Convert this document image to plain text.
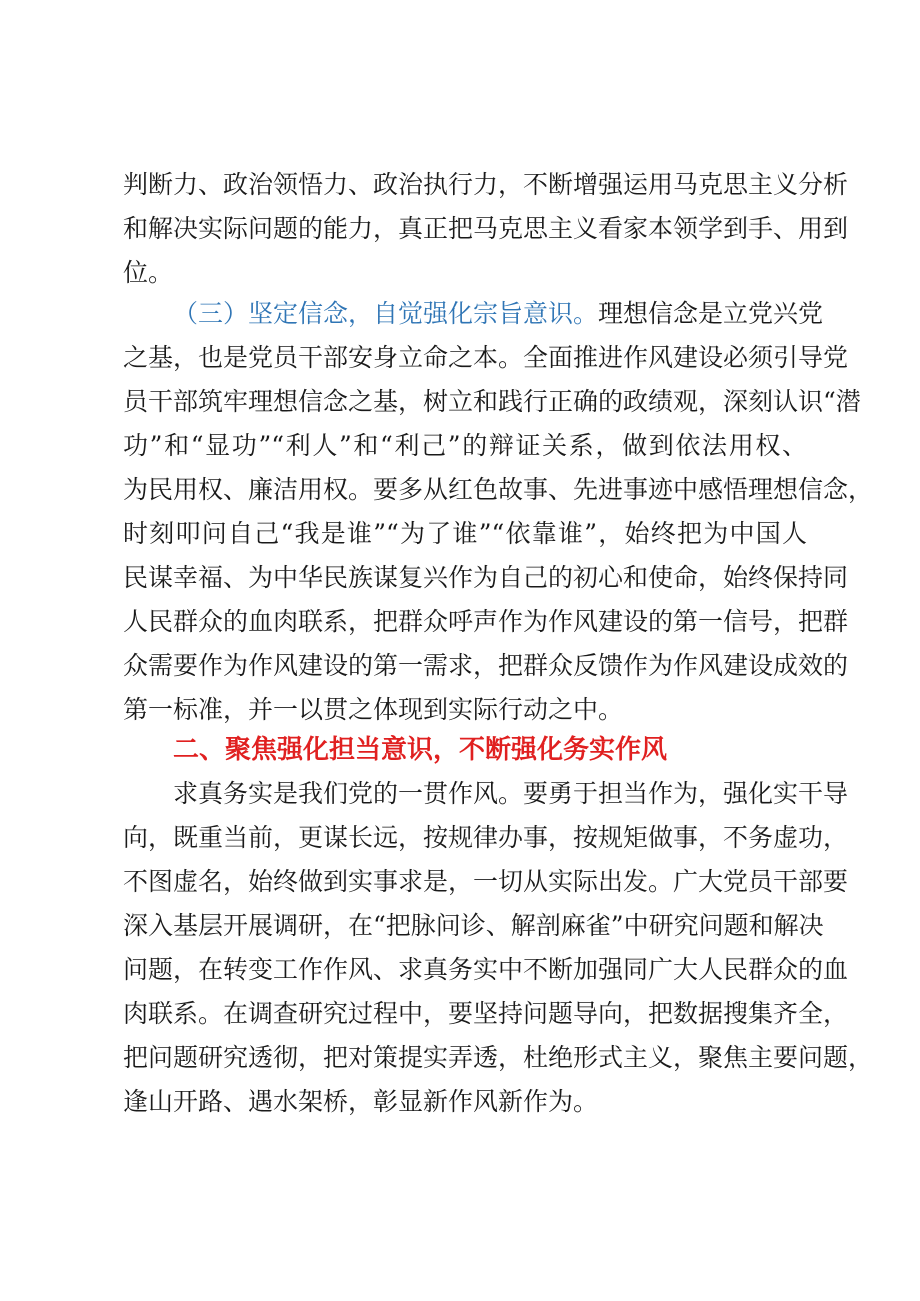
判断力、政治领悟力、政治执行力，不断增强运用马克思主义分析
和解决实际问题的能力，真正把马克思主义看家本领学到手、用到
位。
（三）坚定信念，自觉强化宗旨意识。理想信念是立党兴党
之基，也是党员干部安身立命之本。全面推进作风建设必须引导党
员干部筑牢理想信念之基，树立和践行正确的政绩观，深刻认识“潜
功”和“显功”“利人”和“利己”的辩证关系，做到依法用权、
为民用权、廉洁用权。要多从红色故事、先进事迹中感悟理想信念，
时刻叩问自己“我是谁”“为了谁”“依靠谁”，始终把为中国人
民谋幸福、为中华民族谋复兴作为自己的初心和使命，始终保持同
人民群众的血肉联系，把群众呼声作为作风建设的第一信号，把群
众需要作为作风建设的第一需求，把群众反馈作为作风建设成效的
第一标准，并一以贯之体现到实际行动之中。
二、聚焦强化担当意识，不断强化务实作风
求真务实是我们党的一贯作风。要勇于担当作为，强化实干导
向，既重当前，更谋长远，按规律办事，按规矩做事，不务虚功，
不图虚名，始终做到实事求是，一切从实际出发。广大党员干部要
深入基层开展调研，在“把脉问诊、解剖麻雀”中研究问题和解决
问题，在转变工作作风、求真务实中不断加强同广大人民群众的血
肉联系。在调查研究过程中，要坚持问题导向，把数据搜集齐全，
把问题研究透彻，把对策提实弄透，杜绝形式主义，聚焦主要问题，
逢山开路、遇水架桥，彰显新作风新作为。
